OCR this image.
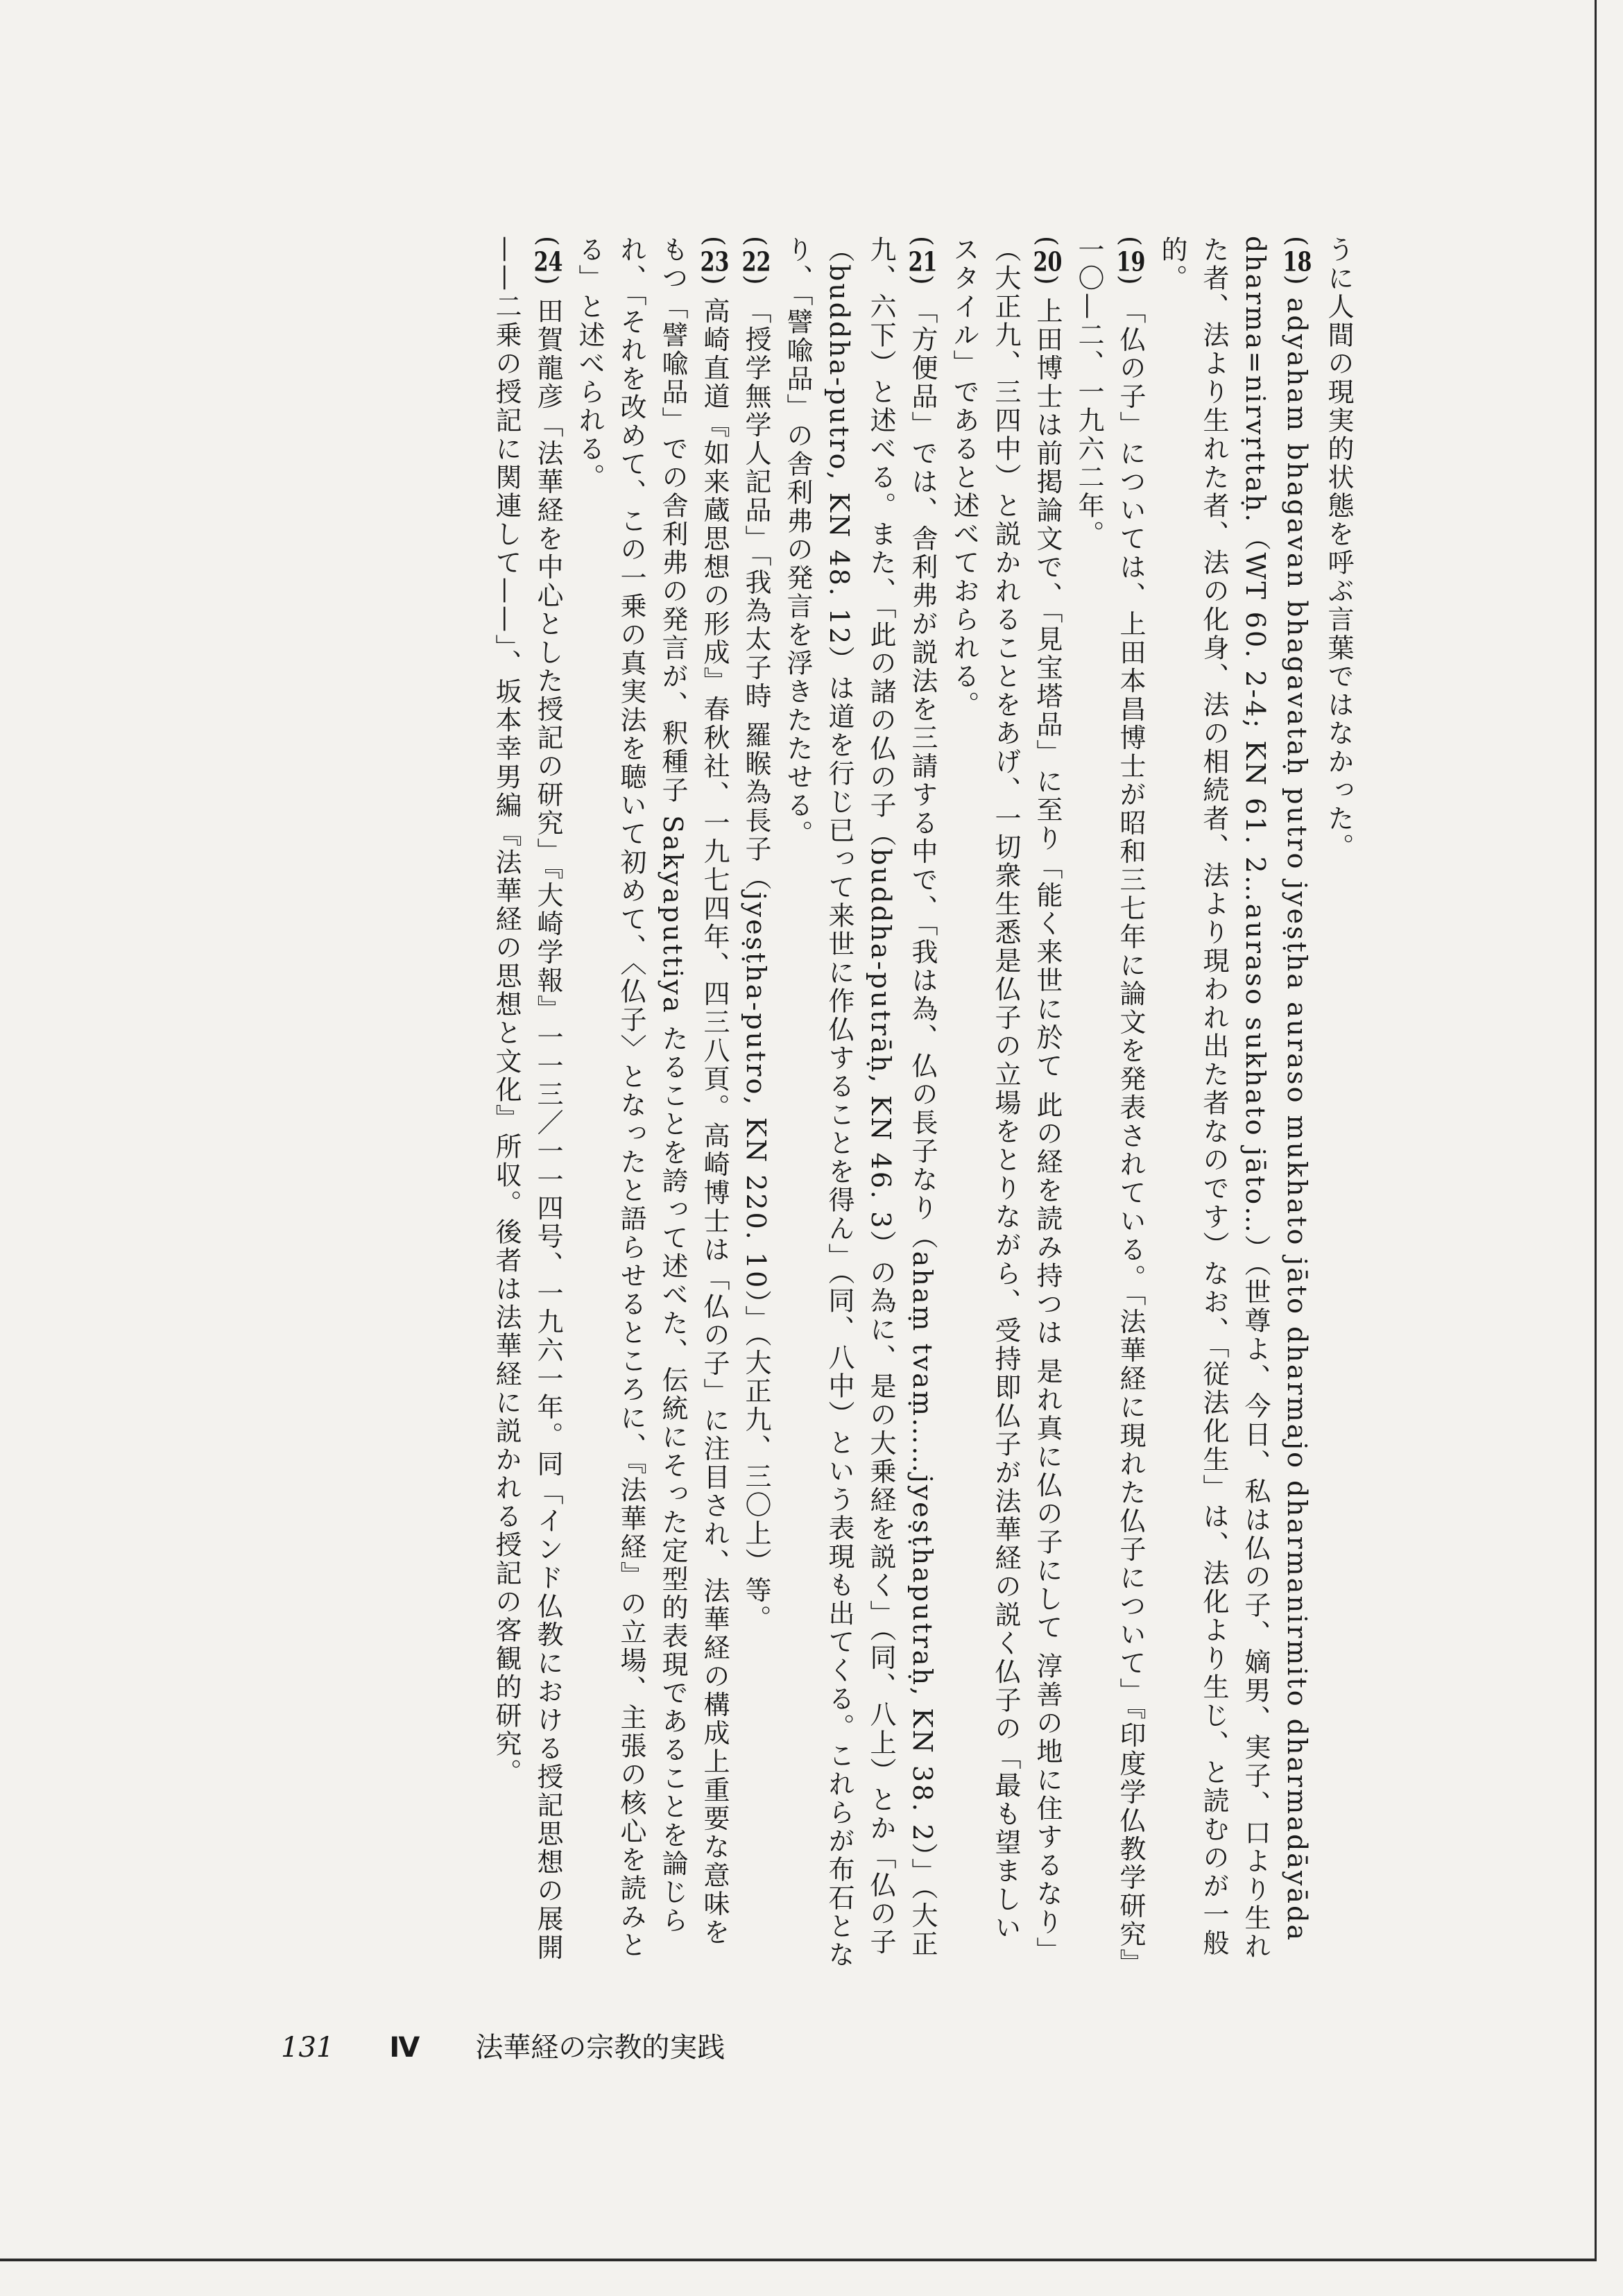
うに人間の現実的状態を呼ぶ言葉ではなかった。

(18) adyaham bhagavan bhagavataḥ putro jyeṣṭha aurasо mukhato jāto dharmajo dharmanirmito dharmadāyāda dharma=nirvṛttaḥ.（WT 60. 2-4; KN 61. 2…aurasо sukhato jāto…）（世尊よ、今日、私は仏の子、嫡男、実子、口より生れた者、法より生れた者、法の化身、法の相続者、法より現われ出た者なのです）なお、「従法化生」は、法化より生じ、と読むのが一般的。

(19) 「仏の子」については、上田本昌博士が昭和三七年に論文を発表されている。「法華経に現れた仏子について」『印度学仏教学研究』一〇—二、一九六二年。

(20) 上田博士は前掲論文で、「見宝塔品」に至り「能く来世に於て 此の経を読み持つは 是れ真に仏の子にして 淳善の地に住するなり」（大正九、三四中）と説かれることをあげ、一切衆生悉是仏子の立場をとりながら、受持即仏子が法華経の説く仏子の「最も望ましいスタイル」であると述べておられる。

(21) 「方便品」では、舎利弗が説法を三請する中で、「我は為、仏の長子なり（ahaṃ tvaṃ……jyeṣṭhaputraḥ, KN 38. 2）」（大正九、六下）と述べる。また、「此の諸の仏の子（buddha-putrāḥ, KN 46. 3）の為に、是の大乗経を説く」（同、八上）とか「仏の子（buddha-putro, KN 48. 12）は道を行じ已って来世に作仏することを得ん」（同、八中）という表現も出てくる。これらが布石となり、「譬喩品」の舎利弗の発言を浮きたたせる。

(22) 「授学無学人記品」「我為太子時 羅睺為長子（jyeṣṭha-putro, KN 220. 10）」（大正九、三〇上）等。

(23) 高崎直道『如来蔵思想の形成』春秋社、一九七四年、四三八頁。高崎博士は「仏の子」に注目され、法華経の構成上重要な意味をもつ「譬喩品」での舎利弗の発言が、釈種子 Sakyaputtiya たることを誇って述べた、伝統にそった定型的表現であることを論じられ、「それを改めて、この一乗の真実法を聴いて初めて、〈仏子〉となったと語らせるところに、『法華経』の立場、主張の核心を読みとる」と述べられる。

(24) 田賀龍彦「法華経を中心とした授記の研究」『大崎学報』一一三／一一四号、一九六一年。同「インド仏教における授記思想の展開——二乗の授記に関連して——」、坂本幸男編『法華経の思想と文化』所収。後者は法華経に説かれる授記の客観的研究。

131 Ⅳ 法華経の宗教的実践
